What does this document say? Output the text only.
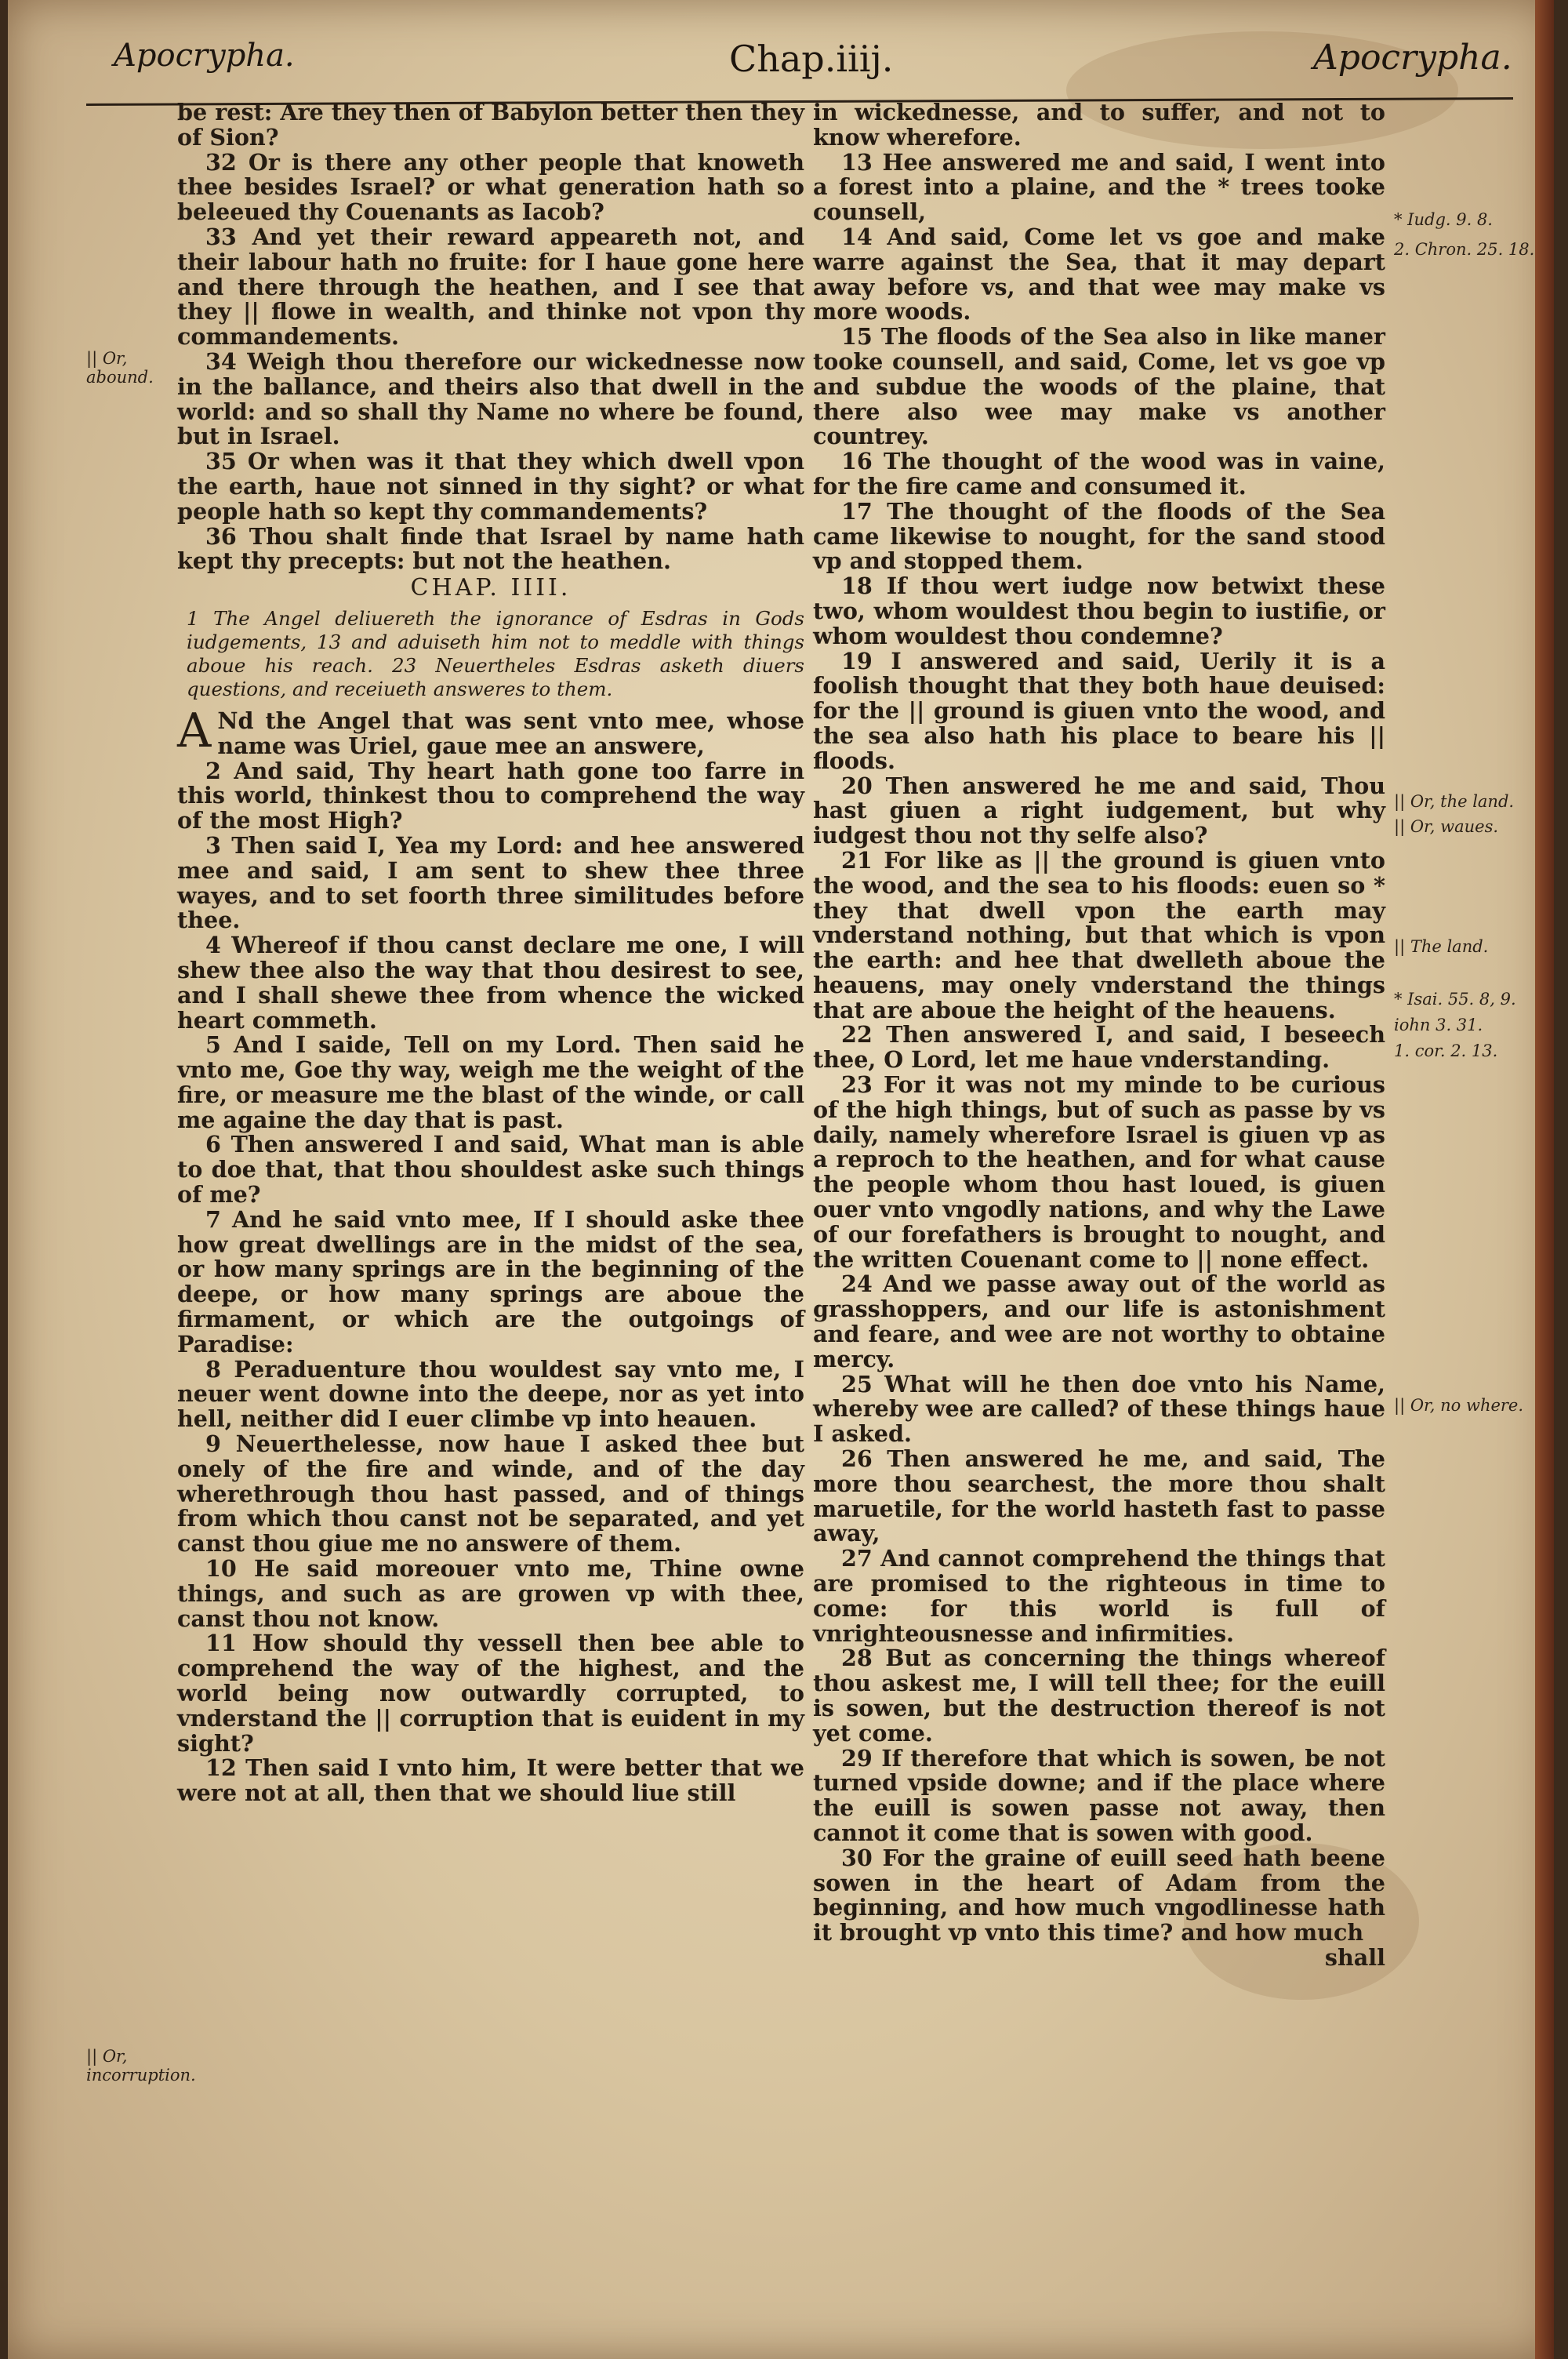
Apocrypha.	Chap.iiij.	Apocrypha.

be rest: Are they then of Babylon better then they of Sion?

32 Or is there any other people that knoweth thee besides Israel? or what generation hath so beleeued thy Couenants as Iacob?

33 And yet their reward appeareth not, and their labour hath no fruite: for I haue gone here and there through the heathen, and I see that they || flowe in wealth, and thinke not vpon thy commandements.

34 Weigh thou therefore our wickednesse now in the ballance, and theirs also that dwell in the world: and so shall thy Name no where be found, but in Israel.

35 Or when was it that they which dwell vpon the earth, haue not sinned in thy sight? or what people hath so kept thy commandements?

36 Thou shalt finde that Israel by name hath kept thy precepts: but not the heathen.

CHAP. IIII.
1 The Angel deliuereth the ignorance of Esdras in Gods iudgements, 13 and aduiseth him not to meddle with things aboue his reach. 23 Neuertheles Esdras asketh diuers questions, and receiueth answeres to them.

A Nd the Angel that was sent vnto mee, whose name was Uriel, gaue mee an answere,

2 And said, Thy heart hath gone too farre in this world, thinkest thou to comprehend the way of the most High?

3 Then said I, Yea my Lord: and hee answered mee and said, I am sent to shew thee three wayes, and to set foorth three similitudes before thee.

4 Whereof if thou canst declare me one, I will shew thee also the way that thou desirest to see, and I shall shewe thee from whence the wicked heart commeth.

5 And I saide, Tell on my Lord. Then said he vnto me, Goe thy way, weigh me the weight of the fire, or measure me the blast of the winde, or call me againe the day that is past.

6 Then answered I and said, What man is able to doe that, that thou shouldest aske such things of me?

7 And he said vnto mee, If I should aske thee how great dwellings are in the midst of the sea, or how many springs are in the beginning of the deepe, or how many springs are aboue the firmament, or which are the outgoings of Paradise:

8 Peraduenture thou wouldest say vnto me, I neuer went downe into the deepe, nor as yet into hell, neither did I euer climbe vp into heauen.

9 Neuerthelesse, now haue I asked thee but onely of the fire and winde, and of the day wherethrough thou hast passed, and of things from which thou canst not be separated, and yet canst thou giue me no answere of them.

10 He said moreouer vnto me, Thine owne things, and such as are growen vp with thee, canst thou not know.

11 How should thy vessell then bee able to comprehend the way of the highest, and the world being now outwardly corrupted, to vnderstand the || corruption that is euident in my sight?

12 Then said I vnto him, It were better that we were not at all, then that we should liue still

in wickednesse, and to suffer, and not to know wherefore.

13 Hee answered me and said, I went into a forest into a plaine, and the * trees tooke counsell,

14 And said, Come let vs goe and make warre against the Sea, that it may depart away before vs, and that wee may make vs more woods.

15 The floods of the Sea also in like maner tooke counsell, and said, Come, let vs goe vp and subdue the woods of the plaine, that there also wee may make vs another countrey.

16 The thought of the wood was in vaine, for the fire came and consumed it.

17 The thought of the floods of the Sea came likewise to nought, for the sand stood vp and stopped them.

18 If thou wert iudge now betwixt these two, whom wouldest thou begin to iustifie, or whom wouldest thou condemne?

19 I answered and said, Uerily it is a foolish thought that they both haue deuised: for the || ground is giuen vnto the wood, and the sea also hath his place to beare his || floods.

20 Then answered he me and said, Thou hast giuen a right iudgement, but why iudgest thou not thy selfe also?

21 For like as || the ground is giuen vnto the wood, and the sea to his floods: euen so * they that dwell vpon the earth may vnderstand nothing, but that which is vpon the earth: and hee that dwelleth aboue the heauens, may onely vnderstand the things that are aboue the height of the heauens.

22 Then answered I, and said, I beseech thee, O Lord, let me haue vnderstanding.

23 For it was not my minde to be curious of the high things, but of such as passe by vs daily, namely wherefore Israel is giuen vp as a reproch to the heathen, and for what cause the people whom thou hast loued, is giuen ouer vnto vngodly nations, and why the Lawe of our forefathers is brought to nought, and the written Couenant come to || none effect.

24 And we passe away out of the world as grasshoppers, and our life is astonishment and feare, and wee are not worthy to obtaine mercy.

25 What will he then doe vnto his Name, whereby wee are called? of these things haue I asked.

26 Then answered he me, and said, The more thou searchest, the more thou shalt maruetile, for the world hasteth fast to passe away,

27 And cannot comprehend the things that are promised to the righteous in time to come: for this world is full of vnrighteousnesse and infirmities.

28 But as concerning the things whereof thou askest me, I will tell thee; for the euill is sowen, but the destruction thereof is not yet come.

29 If therefore that which is sowen, be not turned vpside downe; and if the place where the euill is sowen passe not away, then cannot it come that is sowen with good.

30 For the graine of euill seed hath beene sowen in the heart of Adam from the beginning, and how much vngodlinesse hath it brought vp vnto this time? and how much

shall
* Iudg. 9. 8.
2. Chron. 25. 18.
|| Or, abound.
|| Or, the land.
|| Or, waues.
|| The land.
* Isai. 55. 8, 9.
iohn 3. 31.
1. cor. 2. 13.
|| Or, no where.
|| Or, incorruption.
